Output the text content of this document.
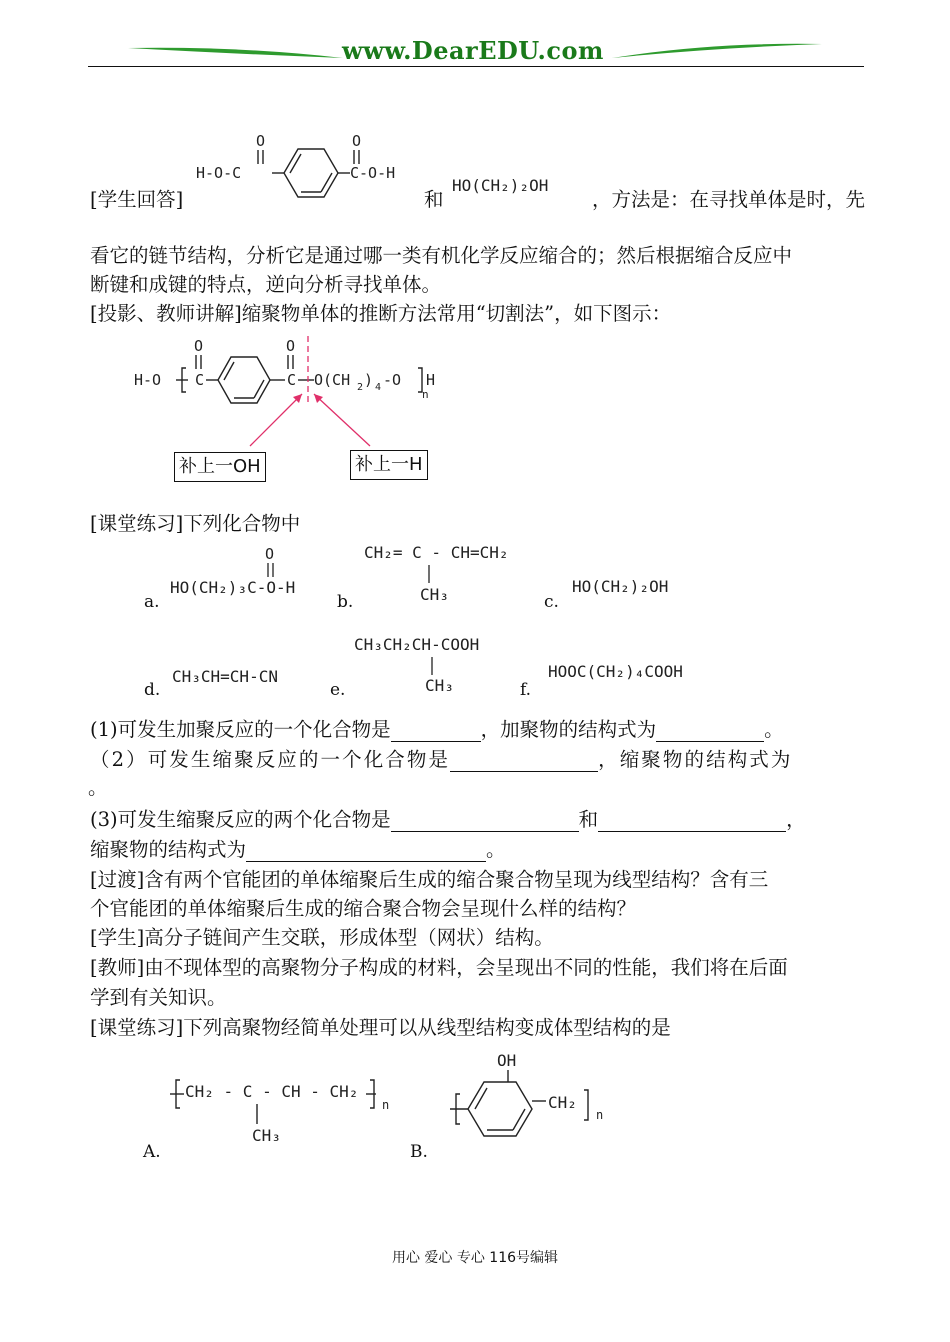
www.DearEDU.com
[学生回答]
H-O-C
O
C-O-H
O
和
HO(CH₂)₂OH
，方法是：在寻找单体是时，先
看它的链节结构，分析它是通过哪一类有机化学反应缩合的；然后根据缩合反应中
断键和成键的特点，逆向分析寻找单体。
[投影、教师讲解]缩聚物单体的推断方法常用“切割法”，如下图示：
H-O C
O
C
O
O(CH 2 ) 4 -O H
n
补上一OH	补上一H
[课堂练习]下列化合物中
a.
HO(CH₂)₃C-O-H
O
b.
CH₂= C - CH=CH₂
CH₃	c.
HO(CH₂)₂OH
d.
CH₃CH=CH-CN
e.
CH₃CH₂CH-COOH
CH₃	f.
HOOC(CH₂)₄COOH
(1)可发生加聚反应的一个化合物是	，加聚物的结构式为	。
（2）可发生缩聚反应的一个化合物是	，缩聚物的结构式为
。
(3)可发生缩聚反应的两个化合物是	和	，
缩聚物的结构式为	。
[过渡]含有两个官能团的单体缩聚后生成的缩合聚合物呈现为线型结构？含有三
个官能团的单体缩聚后生成的缩合聚合物会呈现什么样的结构？
[学生]高分子链间产生交联，形成体型（网状）结构。
[教师]由不现体型的高聚物分子构成的材料，会呈现出不同的性能，我们将在后面
学到有关知识。
[课堂练习]下列高聚物经简单处理可以从线型结构变成体型结构的是
CH₂ - C - CH - CH₂
n
CH₃
A.
OH
CH₂
n
B.
用心 爱心 专心 116号编辑
